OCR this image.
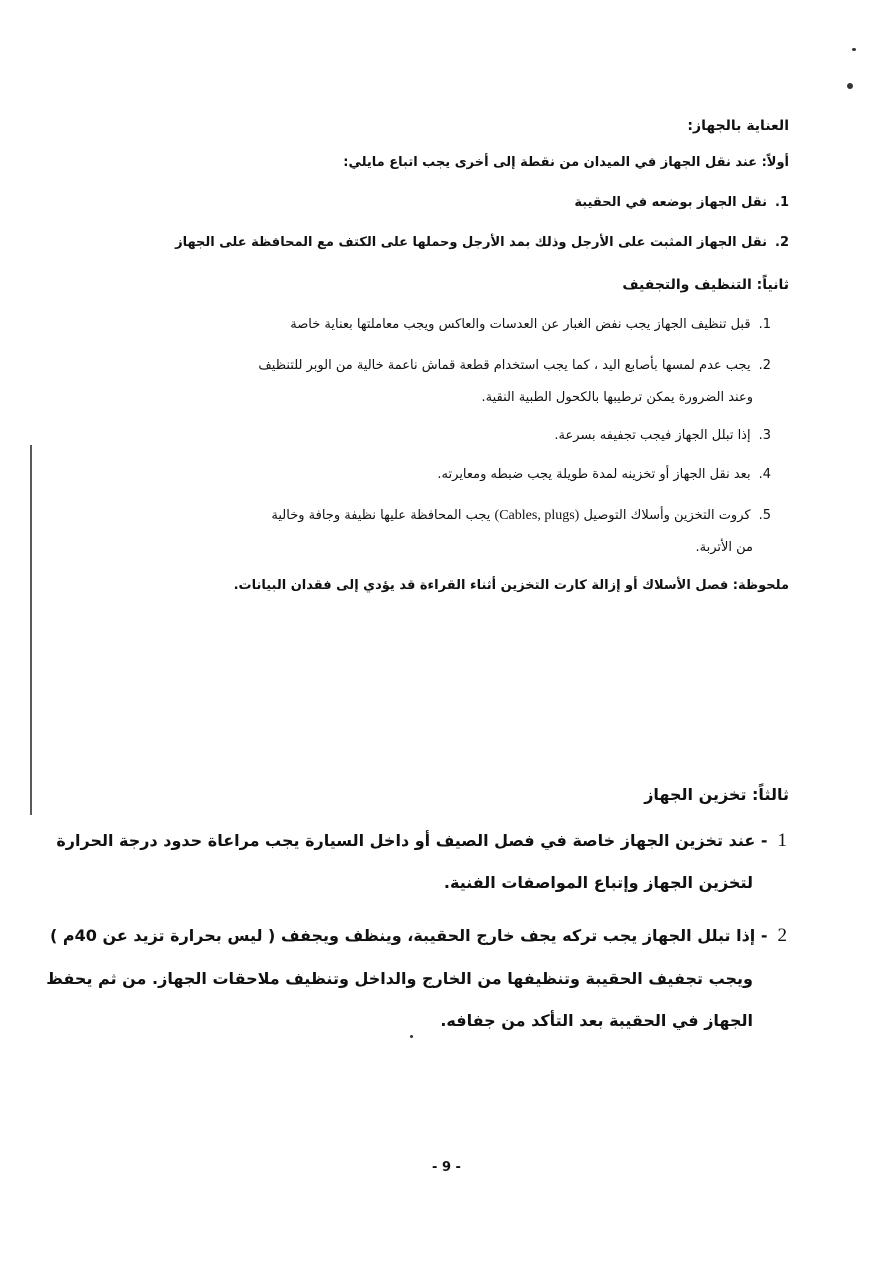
العناية بالجهاز:
أولاً: عند نقل الجهاز في الميدان من نقطة إلى أخرى يجب اتباع مايلي:
1.نقل الجهاز بوضعه في الحقيبة
2.نقل الجهاز المثبت على الأرجل وذلك بمد الأرجل وحملها على الكتف مع المحافظة على الجهاز
ثانياً: التنظيف والتجفيف
1.قبل تنظيف الجهاز يجب نفض الغبار عن العدسات والعاكس ويجب معاملتها بعناية خاصة
2.يجب عدم لمسها بأصابع اليد ، كما يجب استخدام قطعة قماش ناعمة خالية من الوبر للتنظيف
وعند الضرورة يمكن ترطيبها بالكحول الطبية النقية.
3.إذا تبلل الجهاز فيجب تجفيفه بسرعة.
4.بعد نقل الجهاز أو تخزينه لمدة طويلة يجب ضبطه ومعايرته.
5.كروت التخزين وأسلاك التوصيل (Cables, plugs) يجب المحافظة عليها نظيفة وجافة وخالية
من الأتربة.
ملحوظة: فصل الأسلاك أو إزالة كارت التخزين أثناء القراءة قد يؤدي إلى فقدان البيانات.
ثالثاً: تخزين الجهاز
1- عند تخزين الجهاز خاصة في فصل الصيف أو داخل السيارة يجب مراعاة حدود درجة الحرارة
لتخزين الجهاز وإتباع المواصفات الفنية.
2- إذا تبلل الجهاز يجب تركه يجف خارج الحقيبة، وينظف ويجفف ( ليس بحرارة تزيد عن 40م )
ويجب تجفيف الحقيبة وتنظيفها من الخارج والداخل وتنظيف ملاحقات الجهاز. من ثم يحفظ
الجهاز في الحقيبة بعد التأكد من جفافه.
- 9 -
